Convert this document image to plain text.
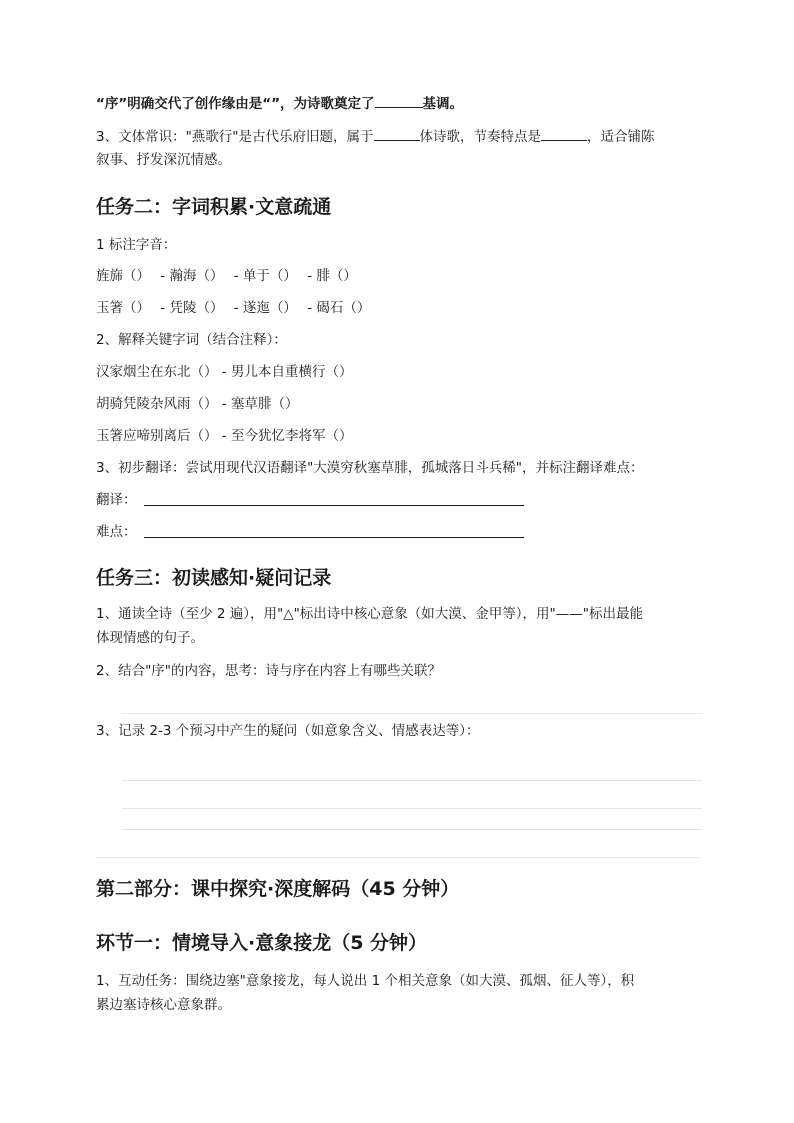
“序”明确交代了创作缘由是“”，为诗歌奠定了	基调。
3、文体常识："燕歌行"是古代乐府旧题，属于	体诗歌，节奏特点是	，适合铺陈
叙事、抒发深沉情感。
任务二：字词积累·文意疏通
1 标注字音：
旌旆（） - 瀚海（） - 单于（） - 腓（）
玉箸（） - 凭陵（） - 遂迤（） - 碣石（）
2、解释关键字词（结合注释）：
汉家烟尘在东北（） - 男儿本自重横行（）
胡骑凭陵杂风雨（） - 塞草腓（）
玉箸应啼别离后（） - 至今犹忆李将军（）
3、初步翻译：尝试用现代汉语翻译"大漠穷秋塞草腓，孤城落日斗兵稀"，并标注翻译难点：
翻译：
难点：
任务三：初读感知·疑问记录
1、通读全诗（至少 2 遍），用"△"标出诗中核心意象（如大漠、金甲等），用"——"标出最能
体现情感的句子。
2、结合"序"的内容，思考：诗与序在内容上有哪些关联？
3、记录 2-3 个预习中产生的疑问（如意象含义、情感表达等）：
第二部分：课中探究·深度解码（45 分钟）
环节一：情境导入·意象接龙（5 分钟）
1、互动任务：围绕边塞"意象接龙，每人说出 1 个相关意象（如大漠、孤烟、征人等），积
累边塞诗核心意象群。
